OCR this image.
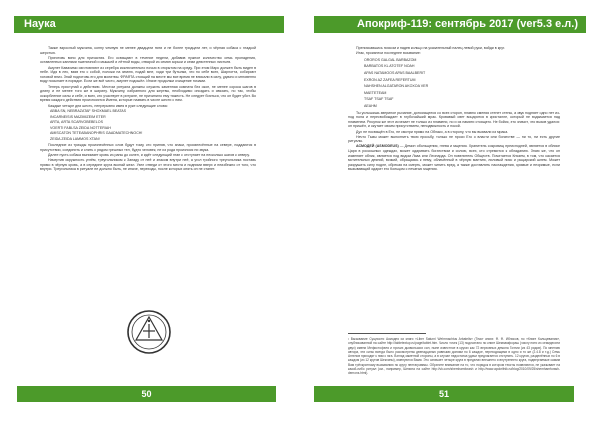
Наука

Также взрослый мужчина, конну чемную не менее двадцати пяти и не более тридцати лет, и чёрная собака с гладкой шерстью.

Приготовь вино для причастия. Его освящают в течение недели, добавив нужное количество семь пропадения, оставленных каплями пшеничной и мышьей и лётной воды, отварой из семян зорьки и семи девстенных листьев.

Амулет Кавахимо изготовляют из серебра исключительно ночью в открытом на среду. При этом Марс должен быть виден в небе. Идя в лес, взяв его с собой, положи на землю, подай мне, ходи три бутылки, что по себе всех, Шарлотта, собирают головой вниз. Знай подготовь его для молитвы. ФРАФТА стоящий на месте мы все время не вписали в силу, удачно и мгновенно воду посыпает в порядке. Если же всё чисто, амулет подошёл. Иначе продолжи очищение ночами.

Теперь приступай к действию. Местом ритуала должны служить каменная комната без окон, не менее сорока шагов в длину и не менее того же в ширину. Мужчину, избранного для жертвы, необходимо опоздать и связать, но так, чтобы оскорбление силы и себе, и всех, кто участвует в ритуале, не причинило ему тяжесть. Не следует бояться, что он будет убит. Во время каждого действия произносятся Имена, которые назвать в числе шести с ним.

Каждые четыре дни шесть, непрерывно имея в руке следующие слова:

ABBA SN, NEBRAZATAF SHOXMAEL BEATAS
INCARNEISIS MAZIMIZEIM ETER
ARTA, ARTA SCARVOBEBELOS
VOERTI FABLSA ZEIDA NOTTERIAH
AMISCATON TETEABANOPHRIS GAADMATECHNOCH!
ZEIDA ZEIDA LAMMOS XTAN!

Последние из трижды произнесённых слов будут тому, кто приняв, что знаки, произнесённые на севере, поддаются в присутствии, соединить и слить с рядом грешных тел, будто человек, не из рода произнося ни звука.

Далее пусть собака вынимает кровь из раны до колен, и идёт следующий этап с отступает на несколько шагов к северу.

Начертив окружность углём, треугольником к Западу от неё и знаком внутри неё, а угол тройного треугольника поставь прямо в чёрную кровь, а в середине круга вкопай жезл. Узел отведи от этого места и подними вверх и неизбежно от того, что внутри. Треугольника в ритуале не должно быть, не иначе, переходы, после которых опять он не станет.

50
Апокриф-119: сентябрь 2017 (ver5.3 е.л.)

Препоясавшись поясом и надев кольцо на указательный палец левой руки, войди в круг.

Итак, произнеси последнее воззвание:

OROROS GALGAL BARBAZOM
BARBATOS KL ATOTEF NOAH
APAS NATAMOOS APAS BAALBERIT
EXRON AZ ZAFEA REFERTUM
NAHSHEN ALGATARON AKOXOA VER
MAETETEAM
TSAF TSAF TSAF
AEAHM

Ты услышишь звериное рычание, доносящееся со всех сторон, плавно сменяя стенет стены, а звук подняет одно нет из-под пола и пересвобождает в глубочайший мрак. Кровавый свет воцарится в кристалле, который не вздымается над пламенем. Рисунок же этот исчезает не только из пламени, но и из памяти стоящего. Не бойся, это значит, что вызов удался: он пришёл, и окутает своим присутствием, неподвижность и покой.

Дух не посвящён в Его, не смотри прямо на Облако, а в сторону, что вы вызвали из мрака.

Нечто Тьмы может выполнить твою просьбу, только не проси Его о власти или богатстве — ни то, ни есть другие ритуалы.

АСМОДЕЙ (ASMODEUS) — Демон обольщения, гнева и мщения. Хранитель сокровищ преисподней, является в облике Царя в роскошных одеждах, может одаривать богатством и силою, всех, кто стремится к обладанию. Знаю же, что он изменяет облик, является под видом Льва или Леопарда. Он повелитель Обществ. Почитается Князем, в том, что касается мстительных деяний, всякий, обращаясь к нему, облачённый в чёрную мантию, лиловый пояс и рыцарский шлем. Может разрушить силу подле, обрекая на смерть, может чинить вред, а также доставлять наслаждения, зримые и незримые, если вызывающий одарит его Кольцом с печатью мщения.

¹ Вызывание Сущности Асмодея из книги «Liber Saturni Wehrmachtus Arbatelis» (Текст книги: Ф. Ф. Иблисов, по «Книге Кольцевания», опубликованной на сайте http://tabletextup.ru/page/tablet.htm. Число точек (13) подсчитано по книге Шемхамфораш (числу пяти из семидесяти двух) имени Мефистофеля и прочих дьявольских сил, ныне известное в кругах как 72 верховных демона Гоэтии (из 43 рядов). По мнению автора, эти силы всегда было рассмотрены двенадцатью равными долями по 6 каждое, переходящими в одно и то же (2.4.8 и т.д.) Семь Ангелов приходят к ним с юга. Взгляд заметной стороны, а в случае недостатка удачи предлагается отступить. 12 кругов, разделённых по 6 в каждом (из 12 кругов Шекхины), именуются Вами. Это означает четыре круга в пределах внешнего и внутреннего круга, подвергаемые самим Вам трёхкратному вызыванию по кругу пентаграммы. Обратите внимание на то, что порядок в котором тексты появляются, не указывает на какой-либо ритуал (см., например, Шехина на сайте http://vk.com/shemhamforash и http://www.apokrifnik.ru/blog/2010/09/25/shemhamforash-demons.html).
51
